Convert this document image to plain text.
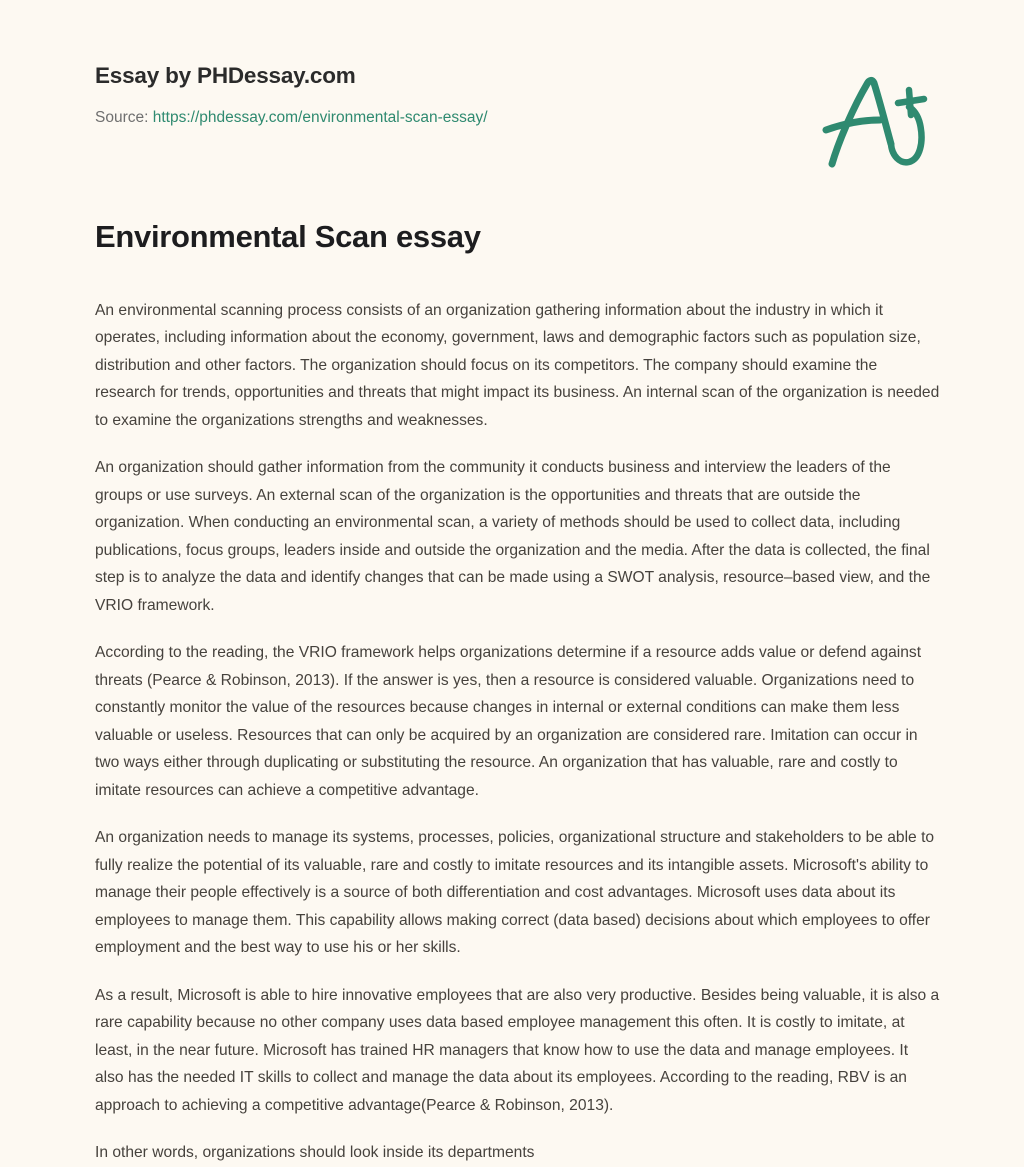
Essay by PHDessay.com
Source: https://phdessay.com/environmental-scan-essay/
Environmental Scan essay

An environmental scanning process consists of an organization gathering information about the industry in which it operates, including information about the economy, government, laws and demographic factors such as population size, distribution and other factors. The organization should focus on its competitors. The company should examine the research for trends, opportunities and threats that might impact its business. An internal scan of the organization is needed to examine the organizations strengths and weaknesses.

An organization should gather information from the community it conducts business and interview the leaders of the groups or use surveys. An external scan of the organization is the opportunities and threats that are outside the organization. When conducting an environmental scan, a variety of methods should be used to collect data, including publications, focus groups, leaders inside and outside the organization and the media. After the data is collected, the final step is to analyze the data and identify changes that can be made using a SWOT analysis, resource–based view, and the VRIO framework.

According to the reading, the VRIO framework helps organizations determine if a resource adds value or defend against threats (Pearce & Robinson, 2013). If the answer is yes, then a resource is considered valuable. Organizations need to constantly monitor the value of the resources because changes in internal or external conditions can make them less valuable or useless. Resources that can only be acquired by an organization are considered rare. Imitation can occur in two ways either through duplicating or substituting the resource. An organization that has valuable, rare and costly to imitate resources can achieve a competitive advantage.

An organization needs to manage its systems, processes, policies, organizational structure and stakeholders to be able to fully realize the potential of its valuable, rare and costly to imitate resources and its intangible assets. Microsoft's ability to manage their people effectively is a source of both differentiation and cost advantages. Microsoft uses data about its employees to manage them. This capability allows making correct (data based) decisions about which employees to offer employment and the best way to use his or her skills.

As a result, Microsoft is able to hire innovative employees that are also very productive. Besides being valuable, it is also a rare capability because no other company uses data based employee management this often. It is costly to imitate, at least, in the near future. Microsoft has trained HR managers that know how to use the data and manage employees. It also has the needed IT skills to collect and manage the data about its employees. According to the reading, RBV is an approach to achieving a competitive advantage(Pearce & Robinson, 2013).

In other words, organizations should look inside its departments
